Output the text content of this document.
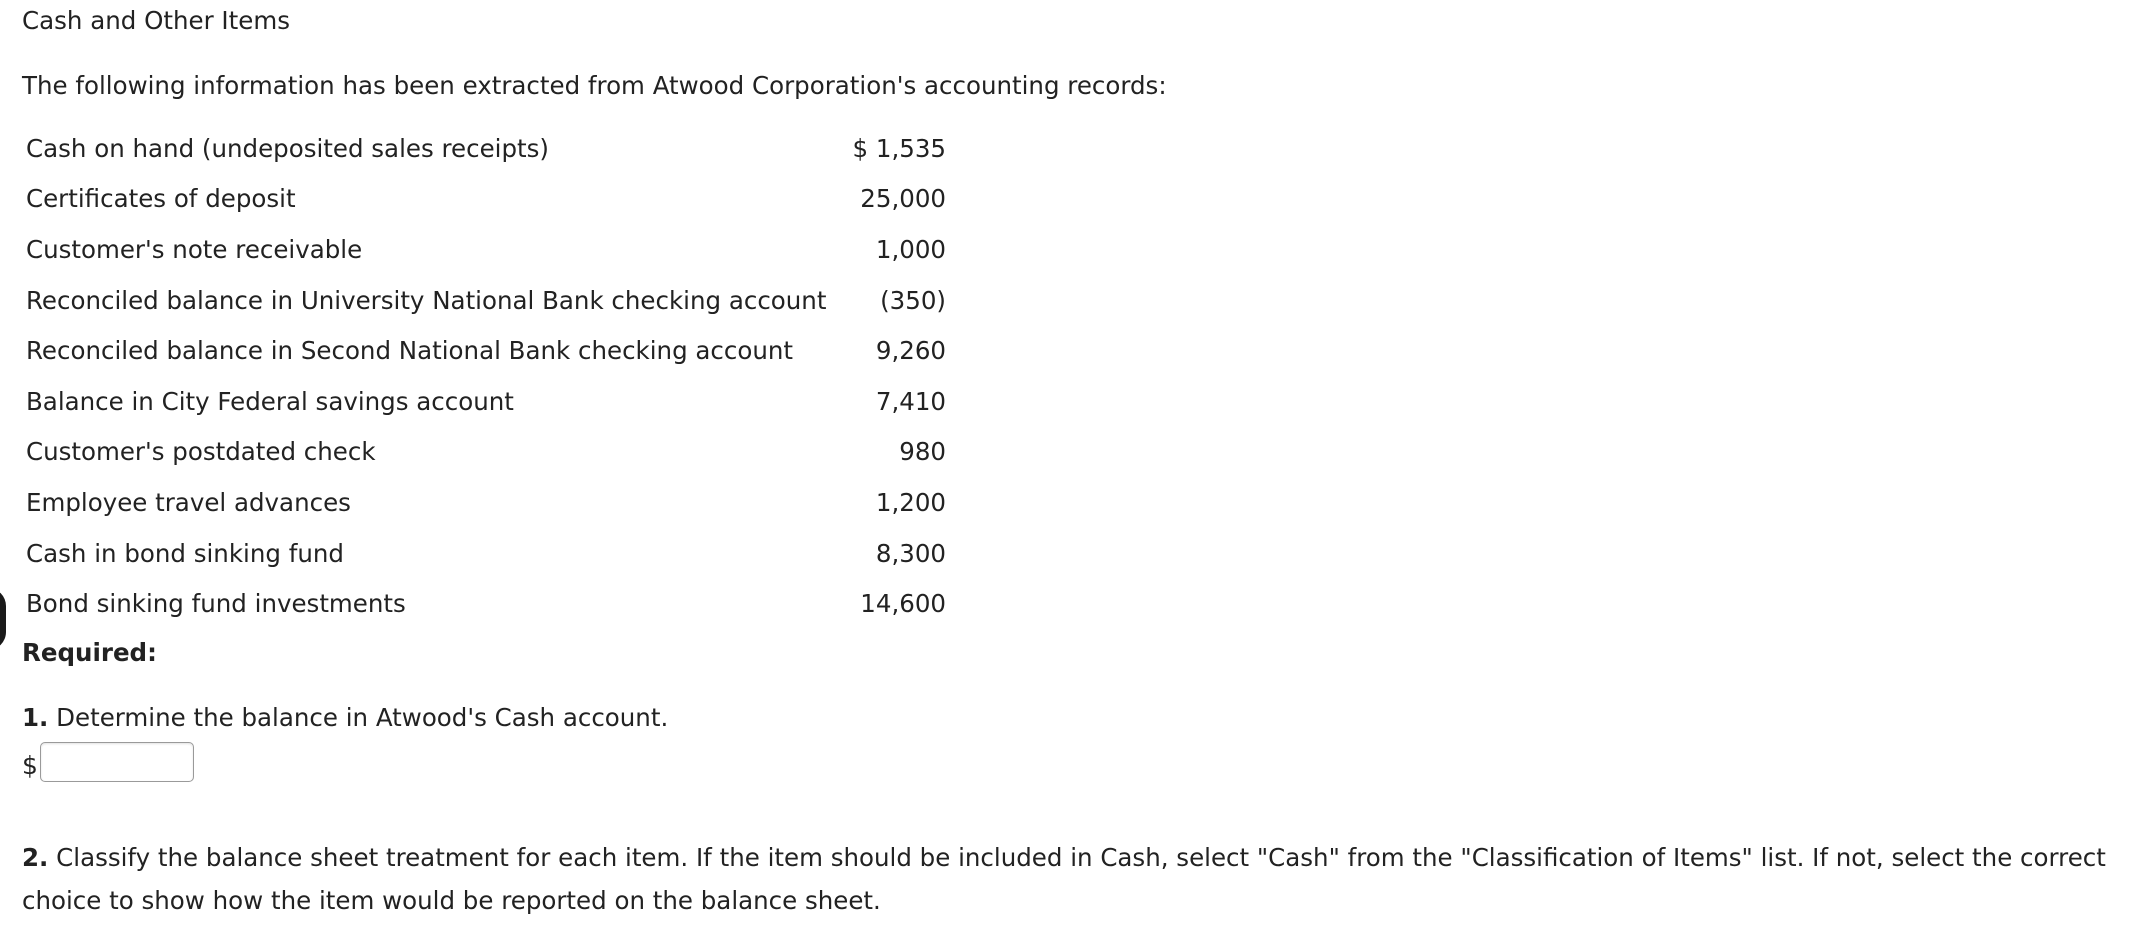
Cash and Other Items
The following information has been extracted from Atwood Corporation's accounting records:
Cash on hand (undeposited sales receipts)	$ 1,535
Certificates of deposit	25,000
Customer's note receivable	1,000
Reconciled balance in University National Bank checking account	(350)
Reconciled balance in Second National Bank checking account	9,260
Balance in City Federal savings account	7,410
Customer's postdated check	980
Employee travel advances	1,200
Cash in bond sinking fund	8,300
Bond sinking fund investments	14,600
Required:
1. Determine the balance in Atwood's Cash account.
$
2. Classify the balance sheet treatment for each item. If the item should be included in Cash, select "Cash" from the "Classification of Items" list. If not, select the correct choice to show how the item would be reported on the balance sheet.
